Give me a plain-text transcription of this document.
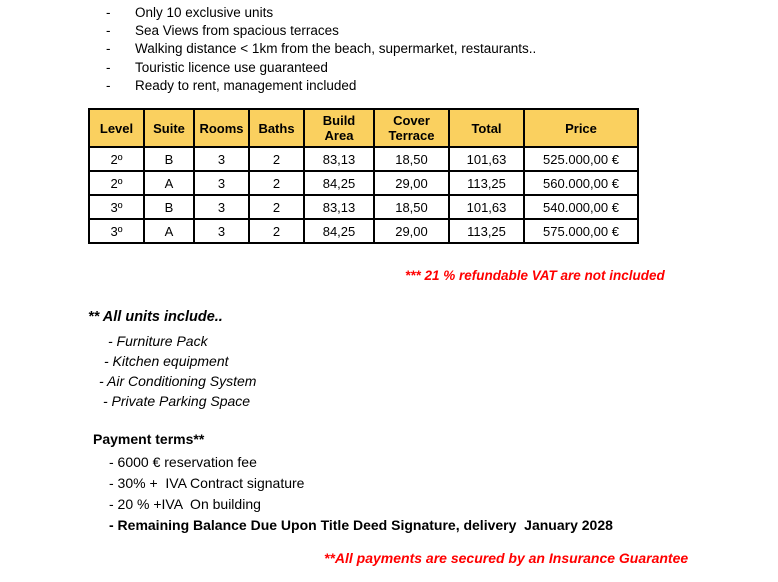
-	Only 10 exclusive units
-	Sea Views from spacious terraces
-	Walking distance < 1km from the beach, supermarket, restaurants..
-	Touristic licence use guaranteed
-	Ready to rent, management included
Level	Suite	Rooms	Baths	Build Area	Cover Terrace	Total	Price
2º	B	3	2	83,13	18,50	101,63	525.000,00 €
2º	A	3	2	84,25	29,00	113,25	560.000,00 €
3º	B	3	2	83,13	18,50	101,63	540.000,00 €
3º	A	3	2	84,25	29,00	113,25	575.000,00 €
*** 21 % refundable VAT are not included
** All units include..
- Furniture Pack
- Kitchen equipment
- Air Conditioning System
- Private Parking Space
Payment terms**
- 6000 € reservation fee
- 30% +  IVA Contract signature
- 20 % +IVA  On building
- Remaining Balance Due Upon Title Deed Signature, delivery  January 2028
**All payments are secured by an Insurance Guarantee
